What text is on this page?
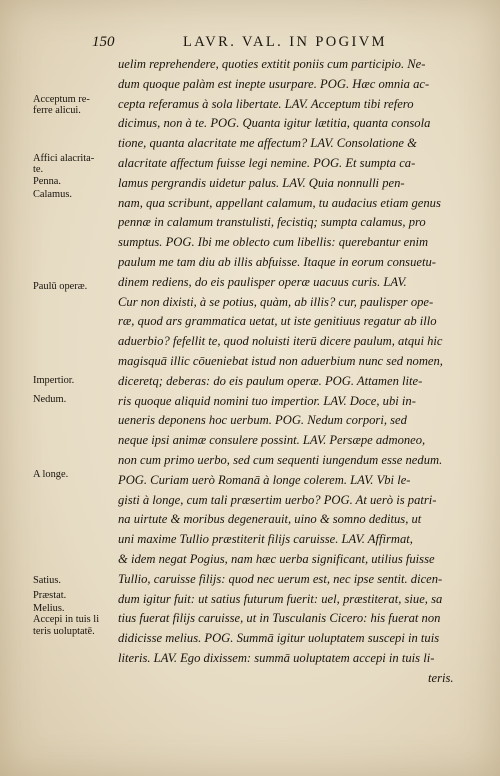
150	LAVR. VAL. IN POGIVM
Acceptum re-
ferre alicui.
Affici alacrita-
te.
Penna.
Calamus.
Paulū operæ.
Impertior.
Nedum.
A longe.
Satius.
Præstat.
Melius.
Accepi in tuis li
teris uoluptatē.
uelim reprehendere, quoties extitit poniis cum participio. Ne-
dum quoque palàm est inepte usurpare. POG. Hæc omnia ac-
cepta referamus à sola libertate. LAV. Acceptum tibi refero
dicimus, non à te. POG. Quanta igitur lætitia, quanta consola
tione, quanta alacritate me affectum? LAV. Consolatione &
alacritate affectum fuisse legi nemine. POG. Et sumpta ca-
lamus pergrandis uidetur palus. LAV. Quia nonnulli pen-
nam, qua scribunt, appellant calamum, tu audacius etiam genus
pennæ in calamum transtulisti, fecistiq; sumpta calamus, pro
sumptus. POG. Ibi me oblecto cum libellis: querebantur enim
paulum me tam diu ab illis abfuisse. Itaque in eorum consuetu-
dinem rediens, do eis paulisper operæ uacuus curis. LAV.
Cur non dixisti, à se potius, quàm, ab illis? cur, paulisper ope-
ræ, quod ars grammatica uetat, ut iste genitiuus regatur ab illo
aduerbio? fefellit te, quod noluisti iterū dicere paulum, atqui hic
magisquā illic cōueniebat istud non aduerbium nunc sed nomen,
diceretq; deberas: do eis paulum operæ. POG. Attamen lite-
ris quoque aliquid nomini tuo impertior. LAV. Doce, ubi in-
ueneris deponens hoc uerbum. POG. Nedum corpori, sed
neque ipsi animæ consulere possint. LAV. Persæpe admoneo,
non cum primo uerbo, sed cum sequenti iungendum esse nedum.
POG. Curiam uerò Romanā à longe colerem. LAV. Vbi le-
gisti à longe, cum tali præsertim uerbo? POG. At uerò is patri-
na uirtute & moribus degenerauit, uino & somno deditus, ut
uni maxime Tullio præstiterit filijs caruisse. LAV. Affirmat,
& idem negat Pogius, nam hæc uerba significant, utilius fuisse
Tullio, caruisse filijs: quod nec uerum est, nec ipse sentit. dicen-
dum igitur fuit: ut satius futurum fuerit: uel, præstiterat, siue, sa
tius fuerat filijs caruisse, ut in Tusculanis Cicero: his fuerat non
didicisse melius. POG. Summā igitur uoluptatem suscepi in tuis
literis. LAV. Ego dixissem: summā uoluptatem accepi in tuis li-
teris.
